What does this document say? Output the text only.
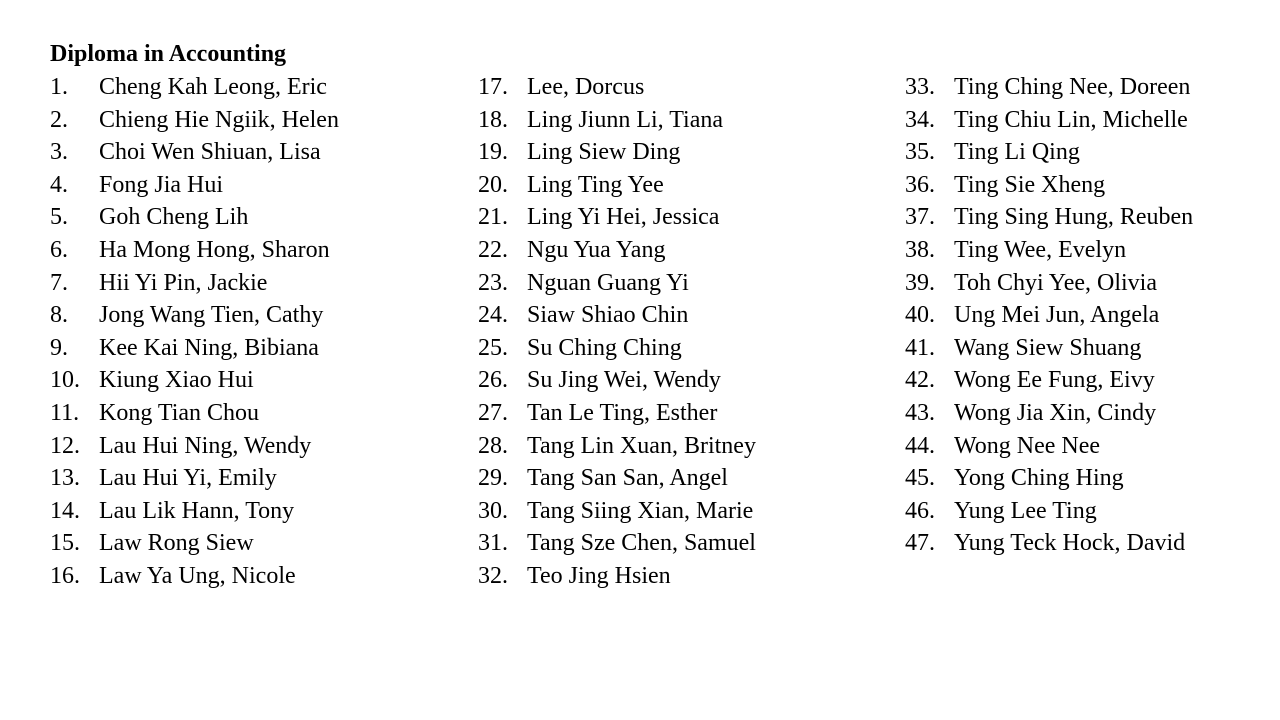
Diploma in Accounting
1. Cheng Kah Leong, Eric
2. Chieng Hie Ngiik, Helen
3. Choi Wen Shiuan, Lisa
4. Fong Jia Hui
5. Goh Cheng Lih
6. Ha Mong Hong, Sharon
7. Hii Yi Pin, Jackie
8. Jong Wang Tien, Cathy
9. Kee Kai Ning, Bibiana
10. Kiung Xiao Hui
11. Kong Tian Chou
12. Lau Hui Ning, Wendy
13. Lau Hui Yi, Emily
14. Lau Lik Hann, Tony
15. Law Rong Siew
16. Law Ya Ung, Nicole
17. Lee, Dorcus
18. Ling Jiunn Li, Tiana
19. Ling Siew Ding
20. Ling Ting Yee
21. Ling Yi Hei, Jessica
22. Ngu Yua Yang
23. Nguan Guang Yi
24. Siaw Shiao Chin
25. Su Ching Ching
26. Su Jing Wei, Wendy
27. Tan Le Ting, Esther
28. Tang Lin Xuan, Britney
29. Tang San San, Angel
30. Tang Siing Xian, Marie
31. Tang Sze Chen, Samuel
32. Teo Jing Hsien
33. Ting Ching Nee, Doreen
34. Ting Chiu Lin, Michelle
35. Ting Li Qing
36. Ting Sie Xheng
37. Ting Sing Hung, Reuben
38. Ting Wee, Evelyn
39. Toh Chyi Yee, Olivia
40. Ung Mei Jun, Angela
41. Wang Siew Shuang
42. Wong Ee Fung, Eivy
43. Wong Jia Xin, Cindy
44. Wong Nee Nee
45. Yong Ching Hing
46. Yung Lee Ting
47. Yung Teck Hock, David
